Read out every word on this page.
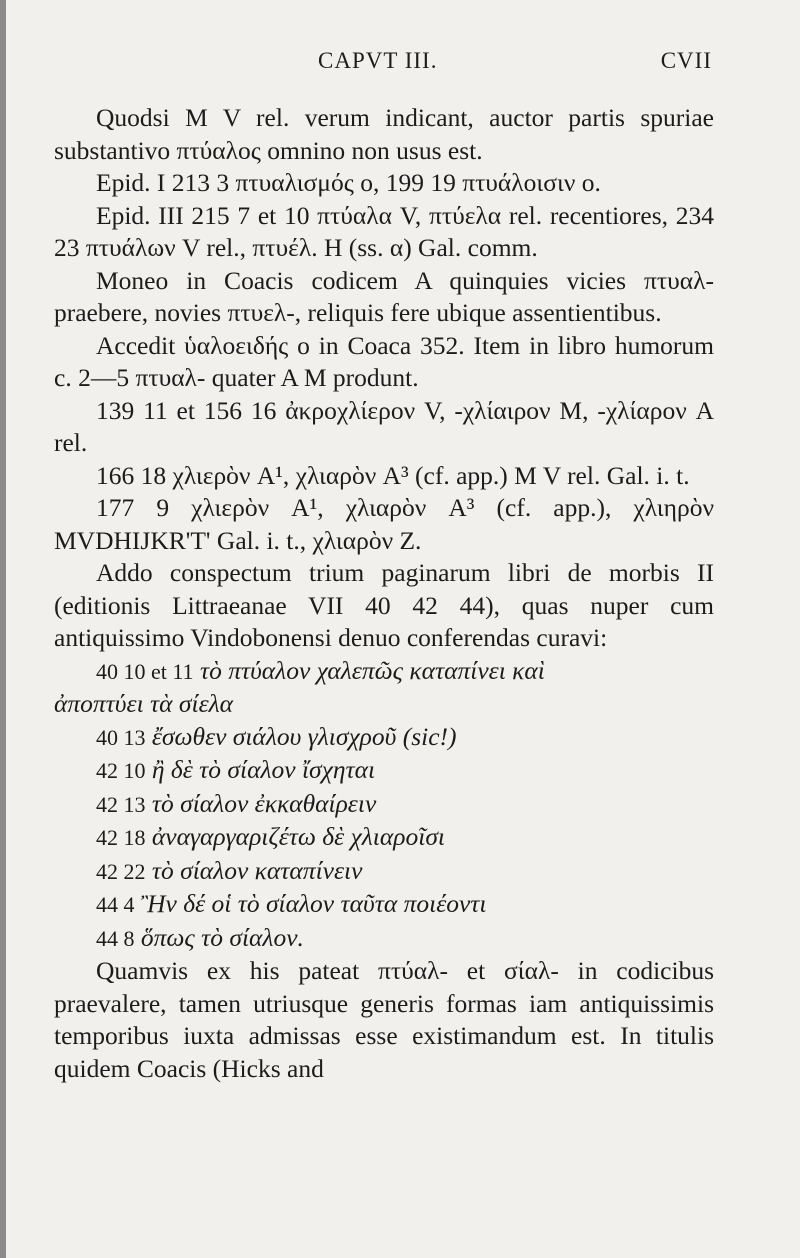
CAPVT III.	CVII

Quodsi M V rel. verum indicant, auctor partis spuriae substantivo πτύαλος omnino non usus est.

Epid. I 213 3 πτυαλισμός o, 199 19 πτυάλοισιν o.

Epid. III 215 7 et 10 πτύαλα V, πτύελα rel. recentiores, 234 23 πτυάλων V rel., πτυέλ. H (ss. α) Gal. comm.

Moneo in Coacis codicem A quinquies vicies πτυαλ- praebere, novies πτυελ-, reliquis fere ubique assentientibus.

Accedit ὑαλοειδής o in Coaca 352. Item in libro humorum c. 2—5 πτυαλ- quater A M produnt.

139 11 et 156 16 ἀκροχλίερον V, -χλίαιρον M, -χλίαρον A rel.

166 18 χλιερὸν A¹, χλιαρὸν A³ (cf. app.) M V rel. Gal. i. t.

177 9 χλιερὸν A¹, χλιαρὸν A³ (cf. app.), χλιηρὸν MVDHIJKR'T' Gal. i. t., χλιαρὸν Z.

Addo conspectum trium paginarum libri de morbis II (editionis Littraeanae VII 40 42 44), quas nuper cum antiquissimo Vindobonensi denuo conferendas curavi:

40 10 et 11 τὸ πτύαλον χαλεπῶς καταπίνει καὶ
ἀποπτύει τὰ σίελα
40 13 ἔσωθεν σιάλου γλισχροῦ (sic!)
42 10 ἢ δὲ τὸ σίαλον ἴσχηται
42 13 τὸ σίαλον ἐκκαθαίρειν
42 18 ἀναγαργαριζέτω δὲ χλιαροῖσι
42 22 τὸ σίαλον καταπίνειν
44 4 Ἢν δέ οἱ τὸ σίαλον ταῦτα ποιέοντι
44 8 ὅπως τὸ σίαλον.

Quamvis ex his pateat πτύαλ- et σίαλ- in codicibus praevalere, tamen utriusque generis formas iam antiquissimis temporibus iuxta admissas esse existimandum est. In titulis quidem Coacis (Hicks and
